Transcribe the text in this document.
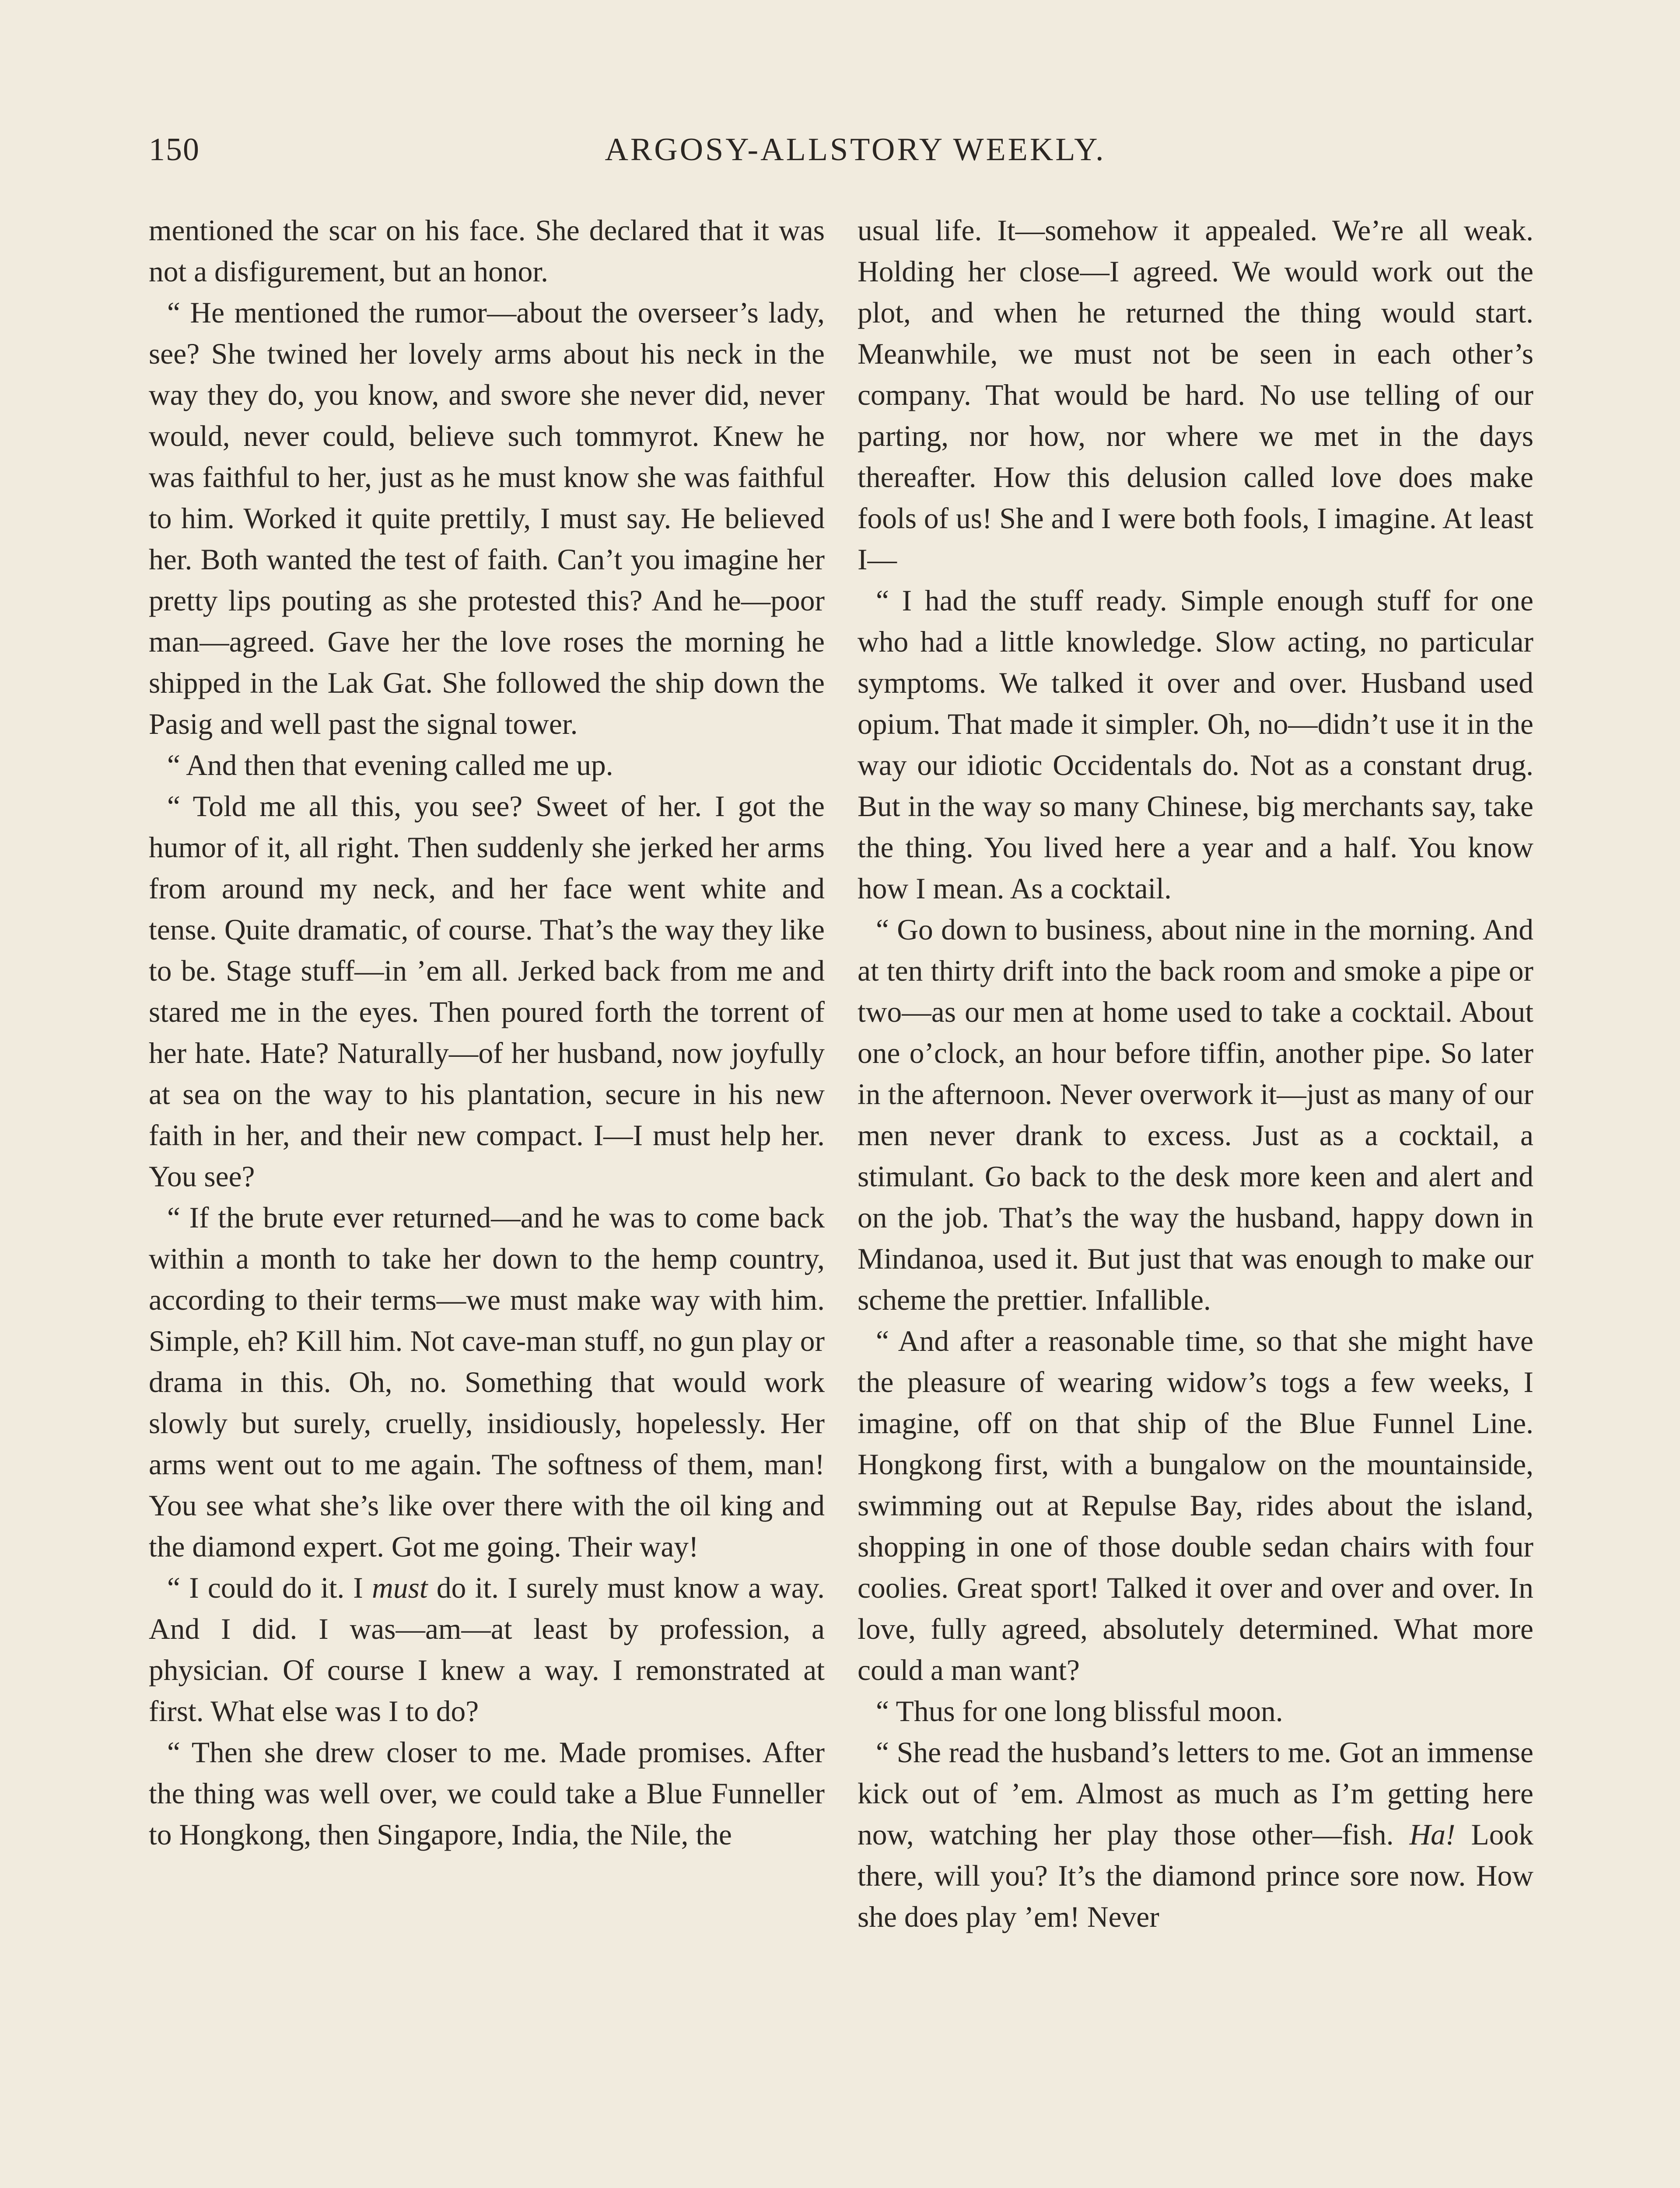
150	ARGOSY-ALLSTORY WEEKLY.

mentioned the scar on his face. She declared that it was not a disfigurement, but an honor.

“ He mentioned the rumor—about the overseer’s lady, see? She twined her lovely arms about his neck in the way they do, you know, and swore she never did, never would, never could, believe such tommyrot. Knew he was faithful to her, just as he must know she was faithful to him. Worked it quite prettily, I must say. He believed her. Both wanted the test of faith. Can’t you imagine her pretty lips pouting as she protested this? And he—poor man—agreed. Gave her the love roses the morning he shipped in the Lak Gat. She followed the ship down the Pasig and well past the signal tower.

“ And then that evening called me up.

“ Told me all this, you see? Sweet of her. I got the humor of it, all right. Then suddenly she jerked her arms from around my neck, and her face went white and tense. Quite dramatic, of course. That’s the way they like to be. Stage stuff—in ’em all. Jerked back from me and stared me in the eyes. Then poured forth the torrent of her hate. Hate? Naturally—of her husband, now joyfully at sea on the way to his plantation, secure in his new faith in her, and their new compact. I—I must help her. You see?

“ If the brute ever returned—and he was to come back within a month to take her down to the hemp country, according to their terms—we must make way with him. Simple, eh? Kill him. Not cave-man stuff, no gun play or drama in this. Oh, no. Something that would work slowly but surely, cruelly, insidiously, hopelessly. Her arms went out to me again. The softness of them, man! You see what she’s like over there with the oil king and the diamond expert. Got me going. Their way!

“ I could do it. I must do it. I surely must know a way. And I did. I was—am—at least by profession, a physician. Of course I knew a way. I remonstrated at first. What else was I to do?

“ Then she drew closer to me. Made promises. After the thing was well over, we could take a Blue Funneller to Hongkong, then Singapore, India, the Nile, the

usual life. It—somehow it appealed. We’re all weak. Holding her close—I agreed. We would work out the plot, and when he returned the thing would start. Meanwhile, we must not be seen in each other’s company. That would be hard. No use telling of our parting, nor how, nor where we met in the days thereafter. How this delusion called love does make fools of us! She and I were both fools, I imagine. At least I—

“ I had the stuff ready. Simple enough stuff for one who had a little knowledge. Slow acting, no particular symptoms. We talked it over and over. Husband used opium. That made it simpler. Oh, no—didn’t use it in the way our idiotic Occidentals do. Not as a constant drug. But in the way so many Chinese, big merchants say, take the thing. You lived here a year and a half. You know how I mean. As a cocktail.

“ Go down to business, about nine in the morning. And at ten thirty drift into the back room and smoke a pipe or two—as our men at home used to take a cocktail. About one o’clock, an hour before tiffin, another pipe. So later in the afternoon. Never overwork it—just as many of our men never drank to excess. Just as a cocktail, a stimulant. Go back to the desk more keen and alert and on the job. That’s the way the husband, happy down in Mindanoa, used it. But just that was enough to make our scheme the prettier. Infallible.

“ And after a reasonable time, so that she might have the pleasure of wearing widow’s togs a few weeks, I imagine, off on that ship of the Blue Funnel Line. Hongkong first, with a bungalow on the mountainside, swimming out at Repulse Bay, rides about the island, shopping in one of those double sedan chairs with four coolies. Great sport! Talked it over and over and over. In love, fully agreed, absolutely determined. What more could a man want?

“ Thus for one long blissful moon.

“ She read the husband’s letters to me. Got an immense kick out of ’em. Almost as much as I’m getting here now, watching her play those other—fish. Ha! Look there, will you? It’s the diamond prince sore now. How she does play ’em! Never
